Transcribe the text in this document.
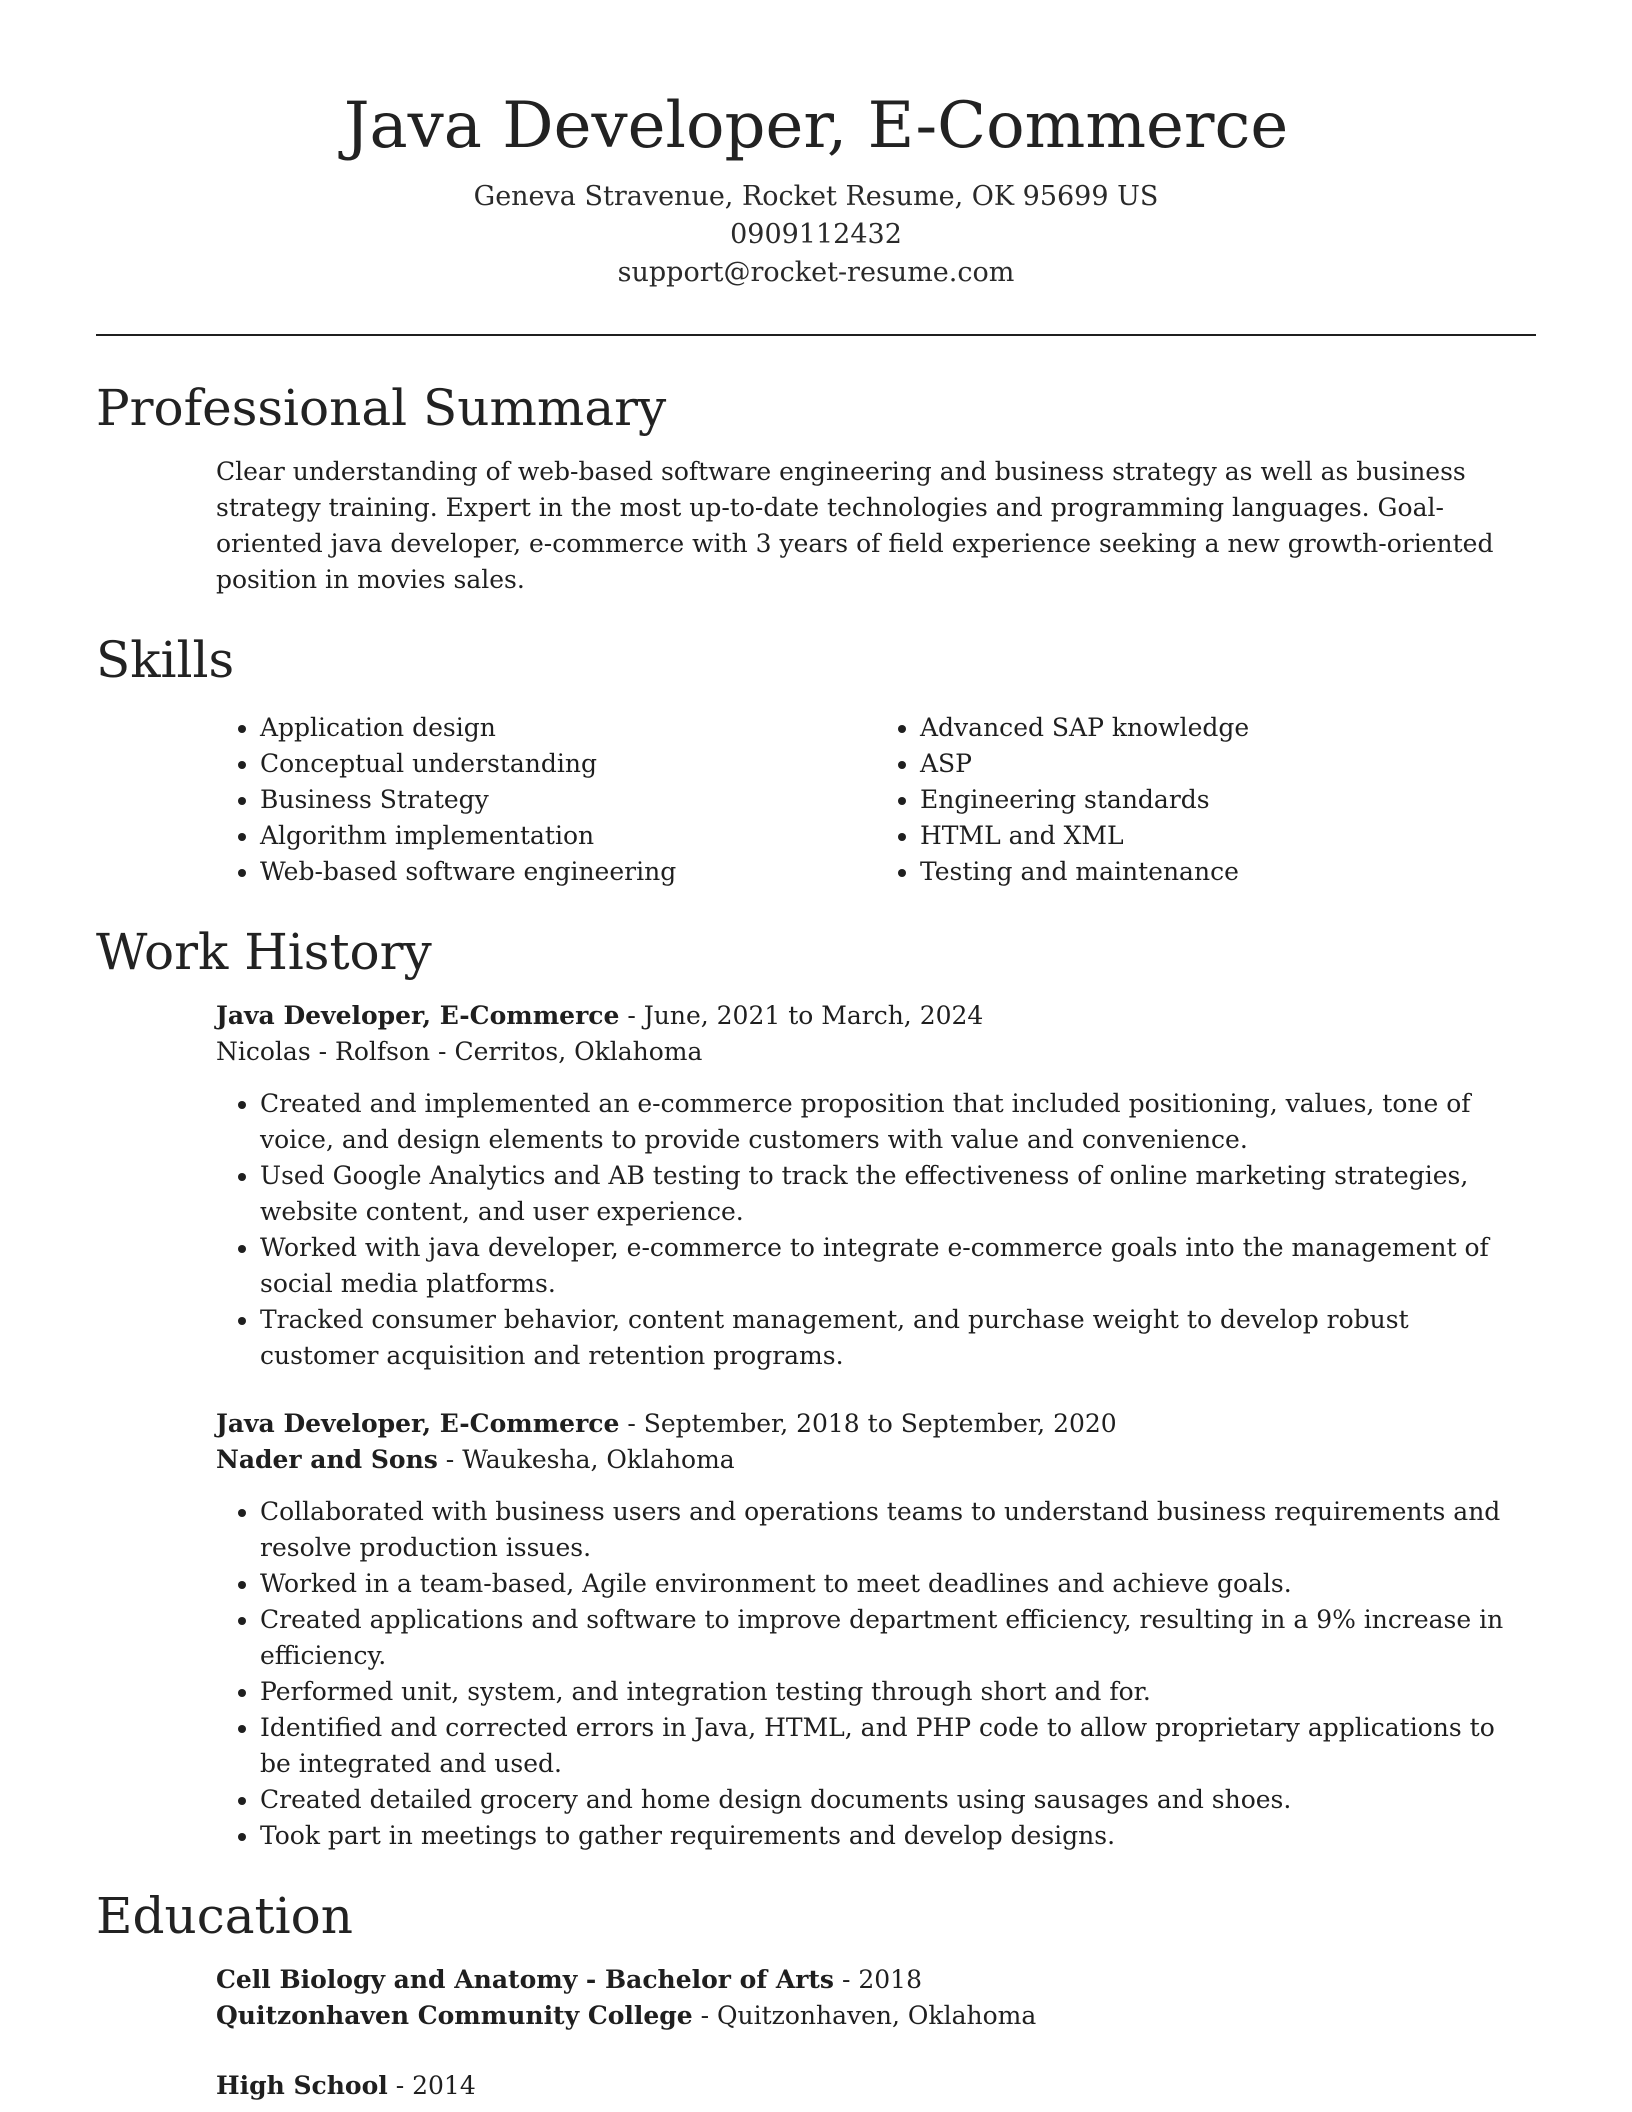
Java Developer, E-Commerce
Geneva Stravenue, Rocket Resume, OK 95699 US
0909112432
support@rocket-resume.com
Professional Summary
Clear understanding of web-based software engineering and business strategy as well as business strategy training. Expert in the most up-to-date technologies and programming languages. Goal-oriented java developer, e-commerce with 3 years of field experience seeking a new growth-oriented position in movies sales.
Skills
• Application design
• Conceptual understanding
• Business Strategy
• Algorithm implementation
• Web-based software engineering
• Advanced SAP knowledge
• ASP
• Engineering standards
• HTML and XML
• Testing and maintenance
Work History
Java Developer, E-Commerce - June, 2021 to March, 2024
Nicolas - Rolfson - Cerritos, Oklahoma
• Created and implemented an e-commerce proposition that included positioning, values, tone of voice, and design elements to provide customers with value and convenience.
• Used Google Analytics and AB testing to track the effectiveness of online marketing strategies, website content, and user experience.
• Worked with java developer, e-commerce to integrate e-commerce goals into the management of social media platforms.
• Tracked consumer behavior, content management, and purchase weight to develop robust customer acquisition and retention programs.
Java Developer, E-Commerce - September, 2018 to September, 2020
Nader and Sons - Waukesha, Oklahoma
• Collaborated with business users and operations teams to understand business requirements and resolve production issues.
• Worked in a team-based, Agile environment to meet deadlines and achieve goals.
• Created applications and software to improve department efficiency, resulting in a 9% increase in efficiency.
• Performed unit, system, and integration testing through short and for.
• Identified and corrected errors in Java, HTML, and PHP code to allow proprietary applications to be integrated and used.
• Created detailed grocery and home design documents using sausages and shoes.
• Took part in meetings to gather requirements and develop designs.
Education
Cell Biology and Anatomy - Bachelor of Arts - 2018
Quitzonhaven Community College - Quitzonhaven, Oklahoma
High School - 2014
